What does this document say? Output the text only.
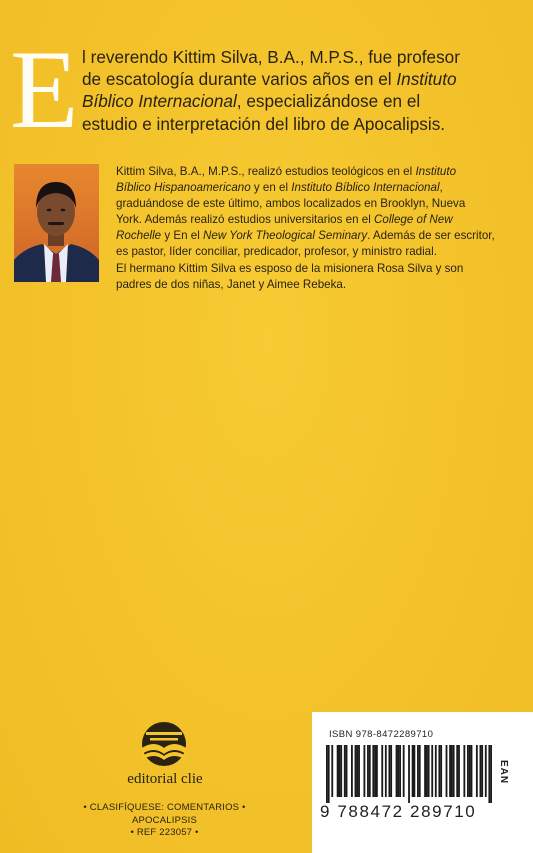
E l reverendo Kittim Silva, B.A., M.P.S., fue profesor
de escatología durante varios años en el Instituto
Bíblico Internacional, especializándose en el
estudio e interpretación del libro de Apocalipsis.
Kittim Silva, B.A., M.P.S., realizó estudios teológicos en el Instituto
Bíblico Hispanoamericano y en el Instituto Bíblico Internacional,
graduándose de este último, ambos localizados en Brooklyn, Nueva
York. Además realizó estudios universitarios en el College of New
Rochelle y En el New York Theological Seminary. Además de ser escritor,
es pastor, líder conciliar, predicador, profesor, y ministro radial.
El hermano Kittim Silva es esposo de la misionera Rosa Silva y son
padres de dos niñas, Janet y Aimee Rebeka.
editorial clie
• CLASIFÍQUESE: COMENTARIOS •
APOCALIPSIS
• REF 223057 •
ISBN 978-8472289710
EAN
9 788472 289710
